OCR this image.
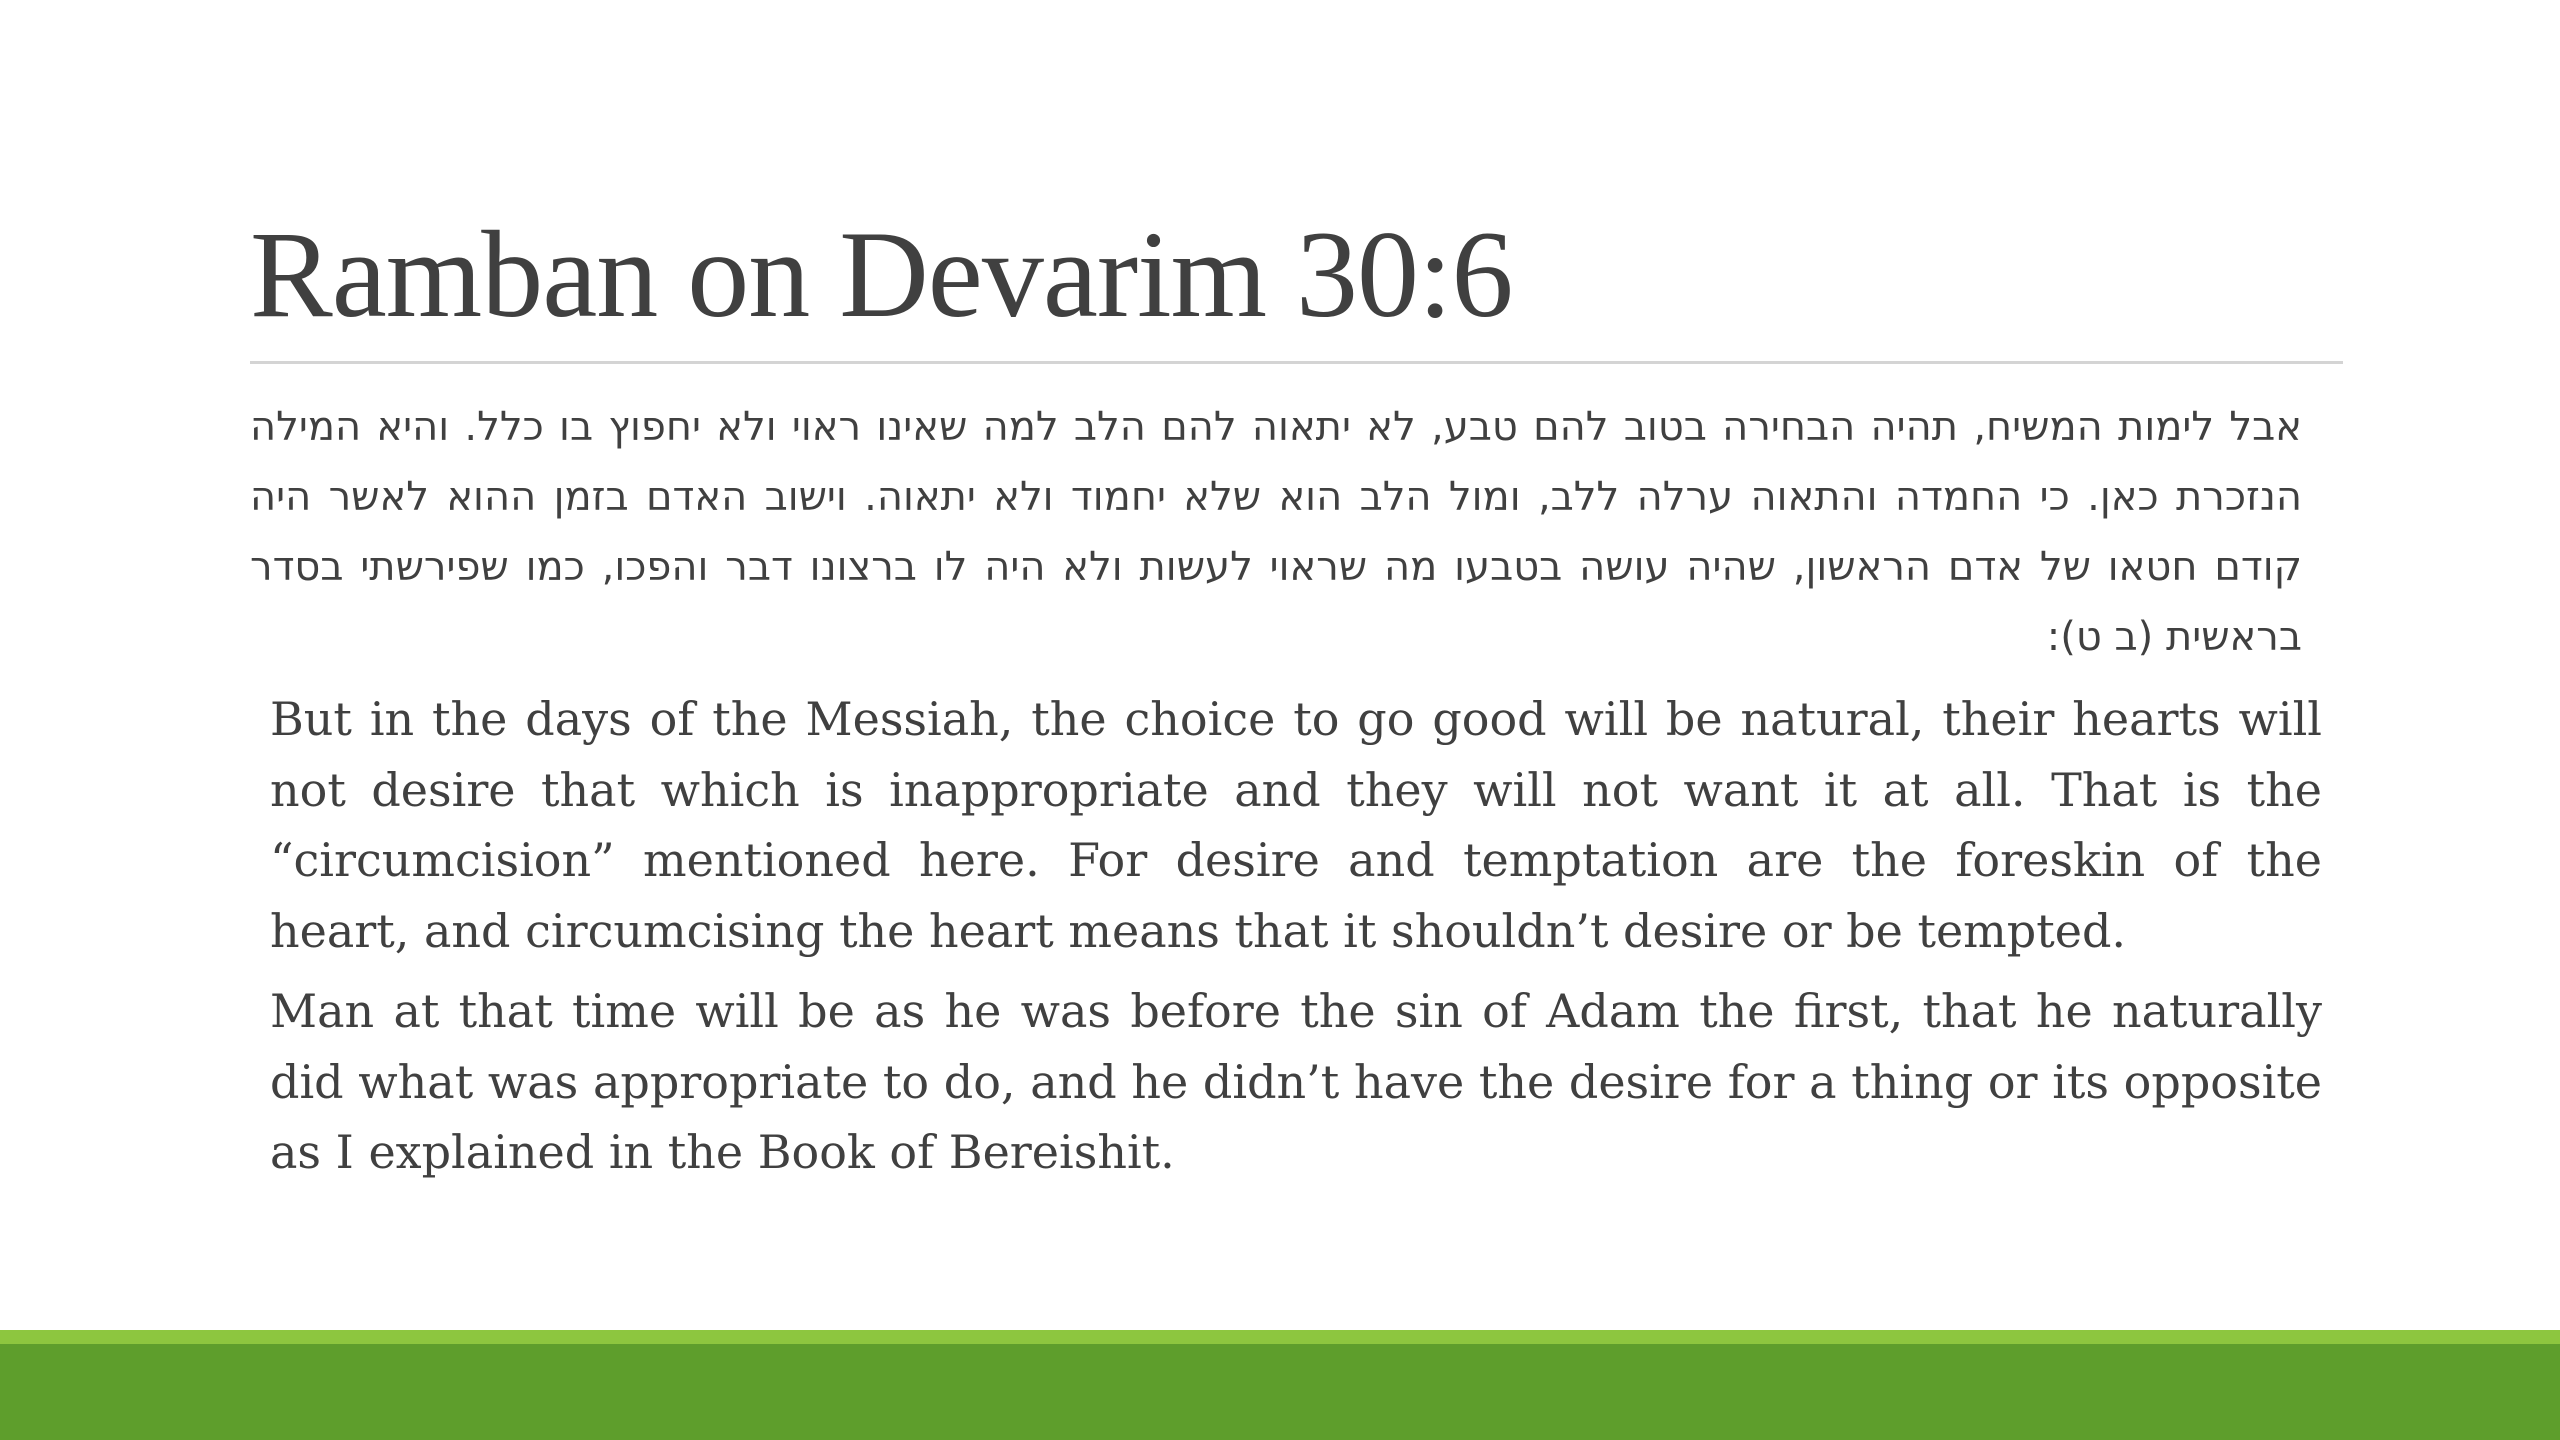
Ramban on Devarim 30:6

אבל לימות המשיח, תהיה הבחירה בטוב להם טבע, לא יתאוה להם הלב למה שאינו ראוי ולא יחפוץ בו כלל. והיא המילה הנזכרת כאן. כי החמדה והתאוה ערלה ללב, ומול הלב הוא שלא יחמוד ולא יתאוה. וישוב האדם בזמן ההוא לאשר היה קודם חטאו של אדם הראשון, שהיה עושה בטבעו מה שראוי לעשות ולא היה לו ברצונו דבר והפכו, כמו שפירשתי בסדר בראשית (ב ט):

But in the days of the Messiah, the choice to go good will be natural, their hearts will not desire that which is inappropriate and they will not want it at all. That is the “circumcision” mentioned here. For desire and temptation are the foreskin of the heart, and circumcising the heart means that it shouldn’t desire or be tempted.

Man at that time will be as he was before the sin of Adam the first, that he naturally did what was appropriate to do, and he didn’t have the desire for a thing or its opposite as I explained in the Book of Bereishit.
